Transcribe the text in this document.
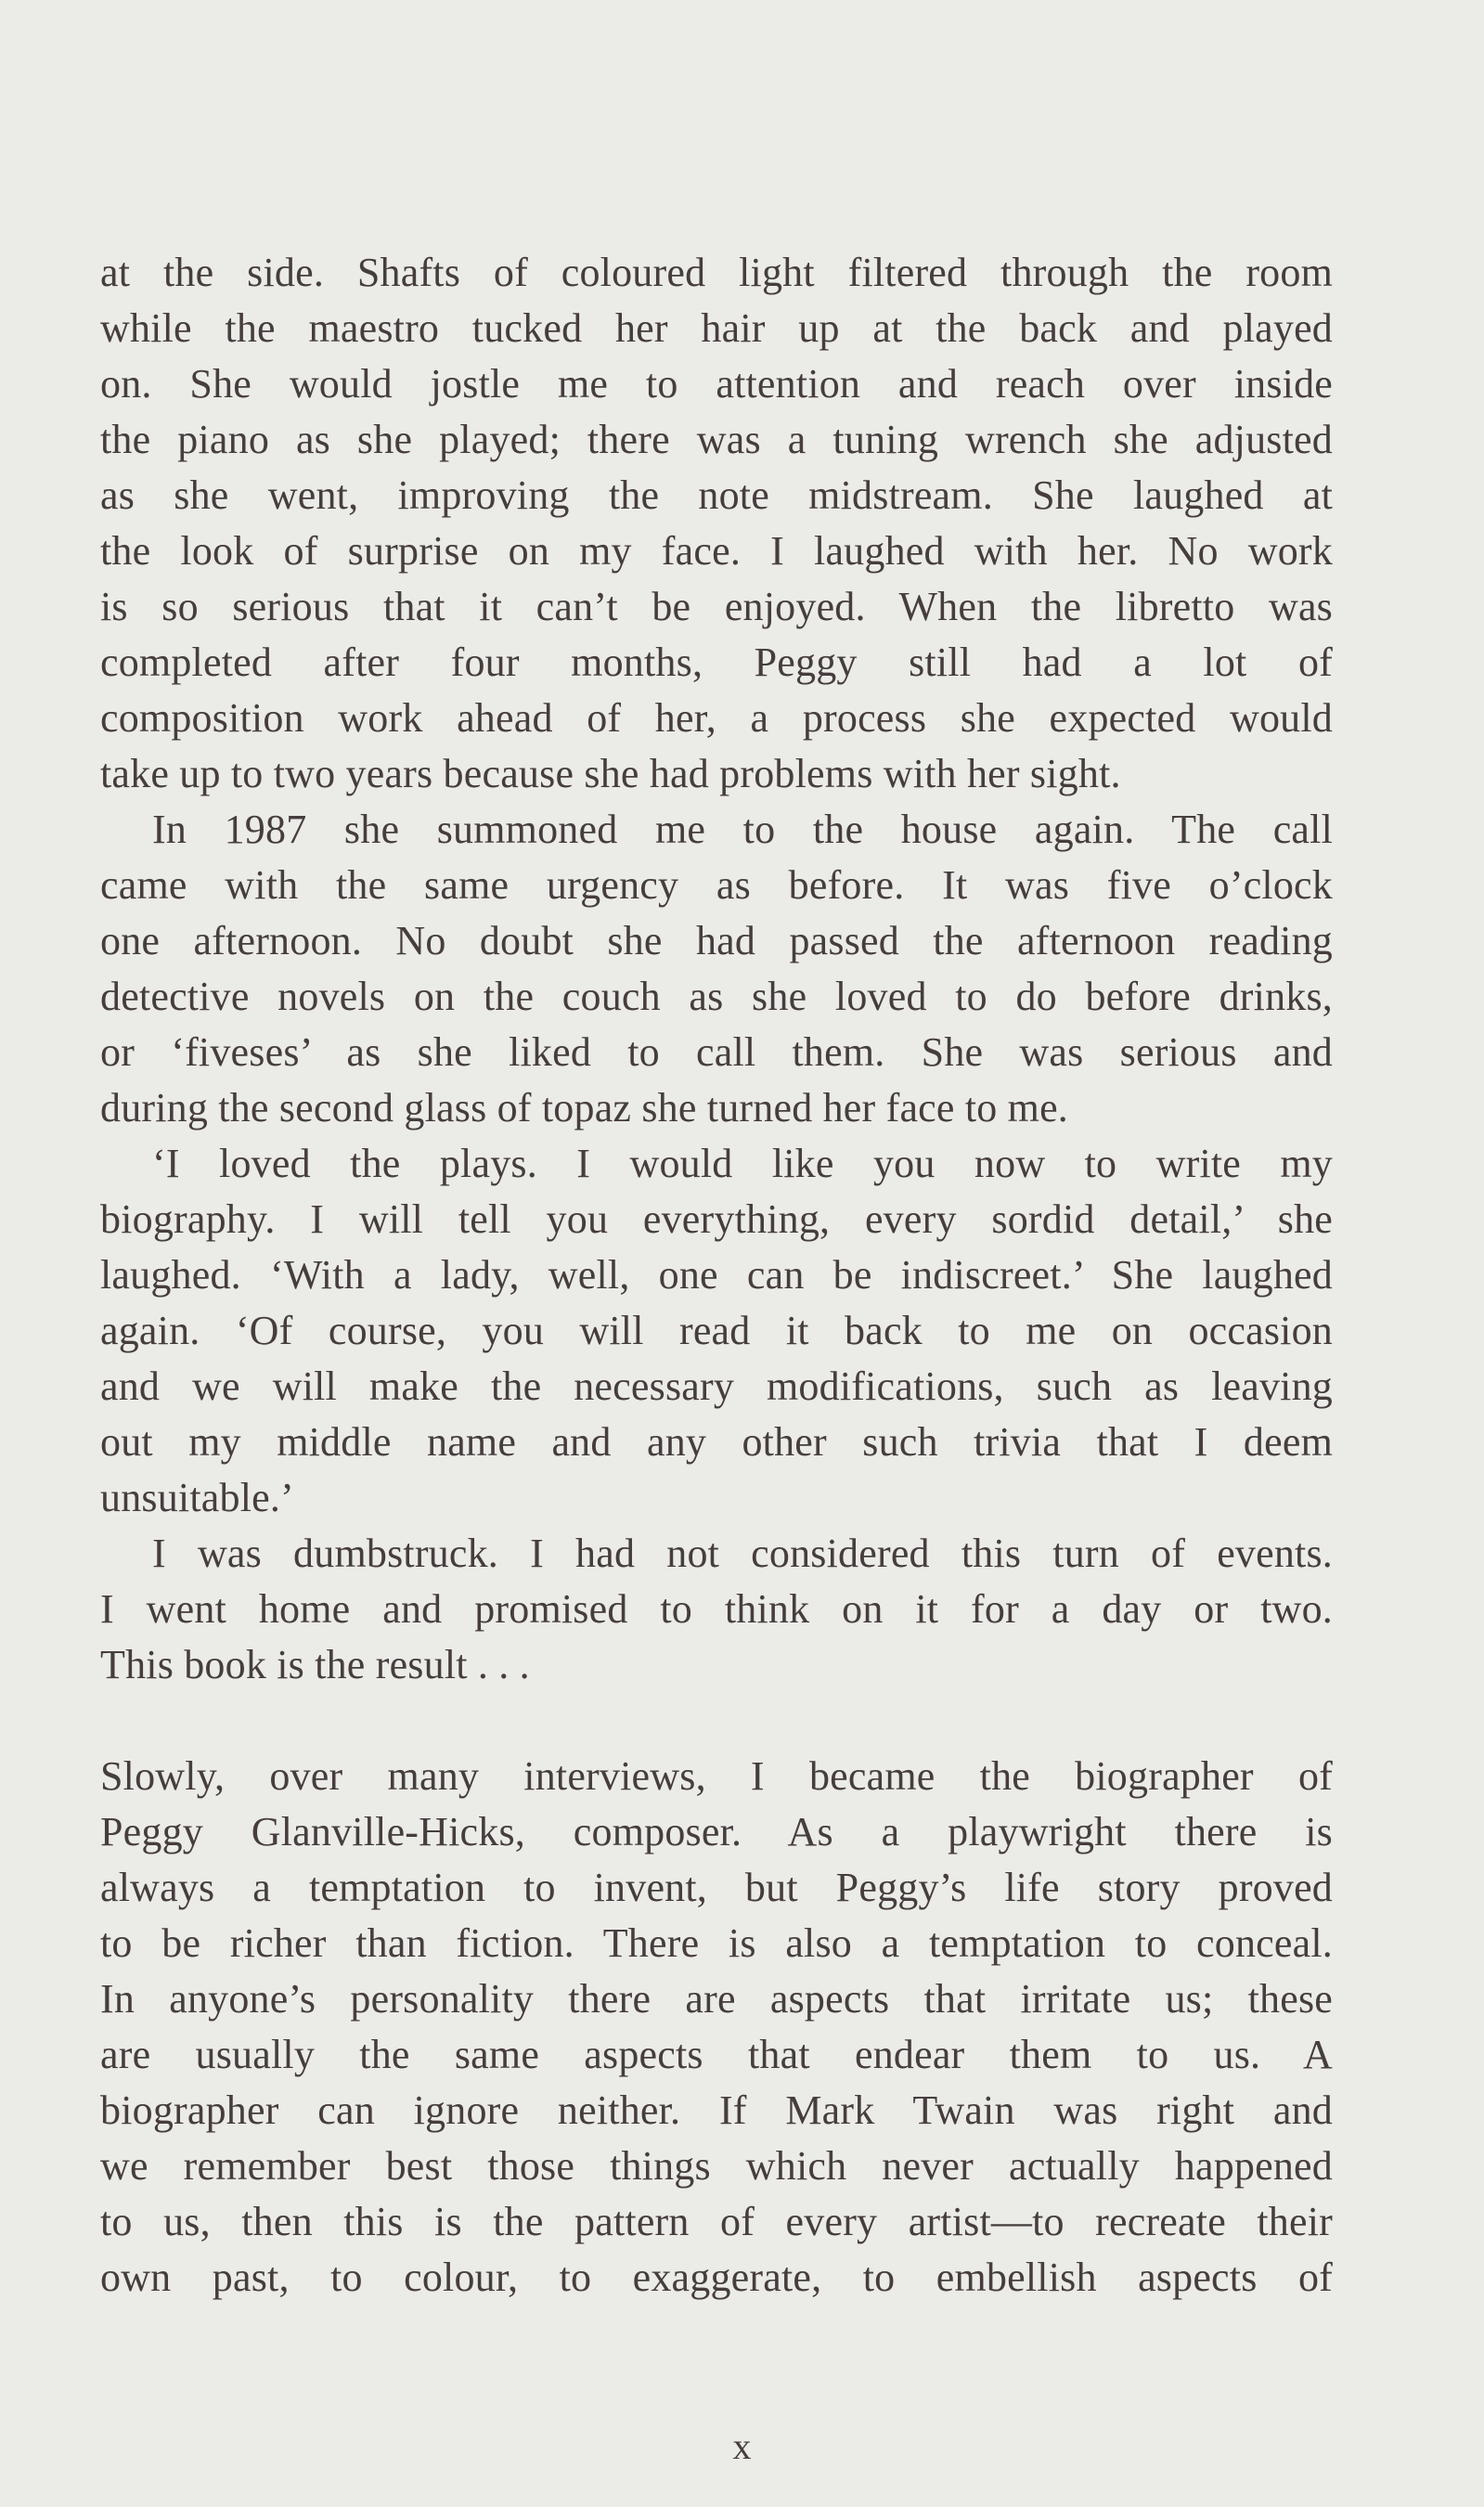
at the side. Shafts of coloured light filtered through the room
while the maestro tucked her hair up at the back and played
on. She would jostle me to attention and reach over inside
the piano as she played; there was a tuning wrench she adjusted
as she went, improving the note midstream. She laughed at
the look of surprise on my face. I laughed with her. No work
is so serious that it can’t be enjoyed. When the libretto was
completed after four months, Peggy still had a lot of
composition work ahead of her, a process she expected would
take up to two years because she had problems with her sight.
In 1987 she summoned me to the house again. The call
came with the same urgency as before. It was five o’clock
one afternoon. No doubt she had passed the afternoon reading
detective novels on the couch as she loved to do before drinks,
or ‘fiveses’ as she liked to call them. She was serious and
during the second glass of topaz she turned her face to me.
‘I loved the plays. I would like you now to write my
biography. I will tell you everything, every sordid detail,’ she
laughed. ‘With a lady, well, one can be indiscreet.’ She laughed
again. ‘Of course, you will read it back to me on occasion
and we will make the necessary modifications, such as leaving
out my middle name and any other such trivia that I deem
unsuitable.’
I was dumbstruck. I had not considered this turn of events.
I went home and promised to think on it for a day or two.
This book is the result . . .
Slowly, over many interviews, I became the biographer of
Peggy Glanville-Hicks, composer. As a playwright there is
always a temptation to invent, but Peggy’s life story proved
to be richer than fiction. There is also a temptation to conceal.
In anyone’s personality there are aspects that irritate us; these
are usually the same aspects that endear them to us. A
biographer can ignore neither. If Mark Twain was right and
we remember best those things which never actually happened
to us, then this is the pattern of every artist—to recreate their
own past, to colour, to exaggerate, to embellish aspects of
x
